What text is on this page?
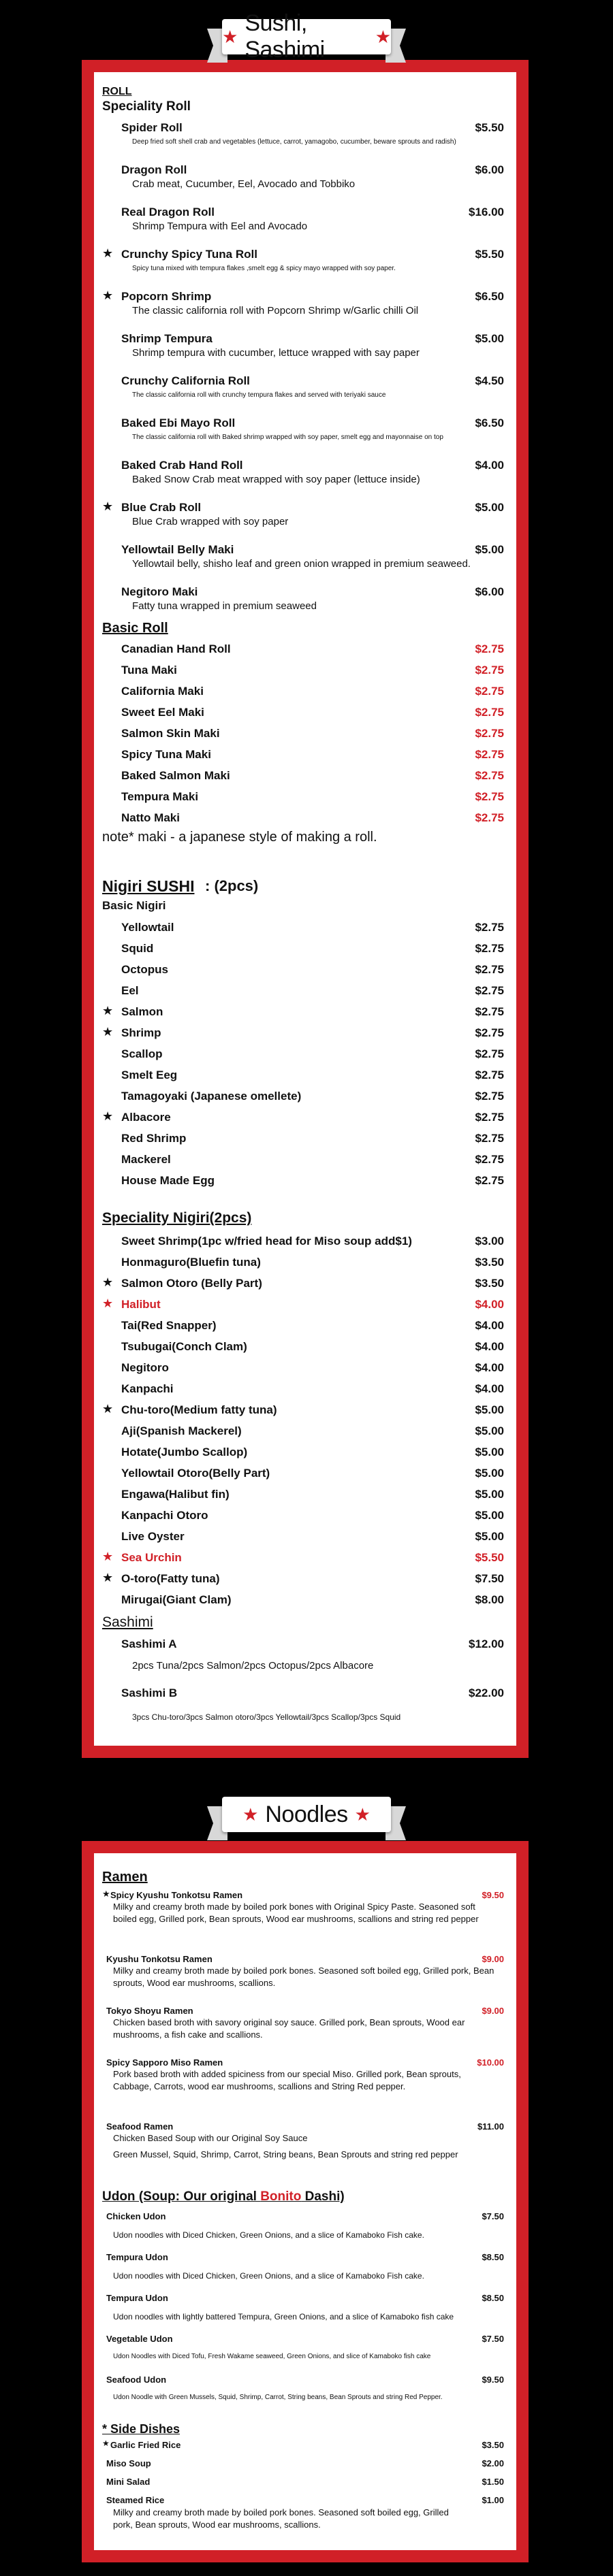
★
Sushi, Sashimi
★
ROLL
Speciality Roll
Spider Roll	$5.50
Deep fried soft shell crab and vegetables (lettuce, carrot, yamagobo, cucumber, beware sprouts and radish)
Dragon Roll	$6.00
Crab meat, Cucumber, Eel, Avocado and Tobbiko
Real Dragon Roll	$16.00
Shrimp Tempura with Eel and Avocado
★ Crunchy Spicy Tuna Roll	$5.50
Spicy tuna mixed with tempura flakes ,smelt egg & spicy mayo wrapped with soy paper.
★ Popcorn Shrimp	$6.50
The classic california roll with Popcorn Shrimp w/Garlic chilli Oil
Shrimp Tempura	$5.00
Shrimp tempura with cucumber, lettuce wrapped with say paper
Crunchy California Roll	$4.50
The classic california roll with crunchy tempura flakes and served with teriyaki sauce
Baked Ebi Mayo Roll	$6.50
The classic california roll with Baked shrimp wrapped with soy paper, smelt egg and mayonnaise on top
Baked Crab Hand Roll	$4.00
Baked Snow Crab meat wrapped with soy paper (lettuce inside)
★ Blue Crab Roll	$5.00
Blue Crab wrapped with soy paper
Yellowtail Belly Maki	$5.00
Yellowtail belly, shisho leaf and green onion wrapped in premium seaweed.
Negitoro Maki	$6.00
Fatty tuna wrapped in premium seaweed
Basic Roll
Canadian Hand Roll	$2.75
Tuna Maki	$2.75
California Maki	$2.75
Sweet Eel Maki	$2.75
Salmon Skin Maki	$2.75
Spicy Tuna Maki	$2.75
Baked Salmon Maki	$2.75
Tempura Maki	$2.75
Natto Maki	$2.75
note* maki - a japanese style of making a roll.
Nigiri SUSHI : (2pcs)
Basic Nigiri
Yellowtail	$2.75
Squid	$2.75
Octopus	$2.75
Eel	$2.75
★ Salmon	$2.75
★ Shrimp	$2.75
Scallop	$2.75
Smelt Eeg	$2.75
Tamagoyaki (Japanese omellete)	$2.75
★ Albacore	$2.75
Red Shrimp	$2.75
Mackerel	$2.75
House Made Egg	$2.75
Speciality Nigiri(2pcs)
Sweet Shrimp(1pc w/fried head for Miso soup add$1)	$3.00
Honmaguro(Bluefin tuna)	$3.50
★ Salmon Otoro (Belly Part)	$3.50
★ Halibut	$4.00
Tai(Red Snapper)	$4.00
Tsubugai(Conch Clam)	$4.00
Negitoro	$4.00
Kanpachi	$4.00
★ Chu-toro(Medium fatty tuna)	$5.00
Aji(Spanish Mackerel)	$5.00
Hotate(Jumbo Scallop)	$5.00
Yellowtail Otoro(Belly Part)	$5.00
Engawa(Halibut fin)	$5.00
Kanpachi Otoro	$5.00
Live Oyster	$5.00
★ Sea Urchin	$5.50
★ O-toro(Fatty tuna)	$7.50
Mirugai(Giant Clam)	$8.00
Sashimi
Sashimi A	$12.00
2pcs Tuna/2pcs Salmon/2pcs Octopus/2pcs Albacore
Sashimi B	$22.00
3pcs Chu-toro/3pcs Salmon otoro/3pcs Yellowtail/3pcs Scallop/3pcs Squid
★ Noodles ★
Ramen
★ Spicy Kyushu Tonkotsu Ramen	$9.50
Milky and creamy broth made by boiled pork bones with Original Spicy Paste. Seasoned soft boiled egg, Grilled pork, Bean sprouts, Wood ear mushrooms, scallions and string red pepper
Kyushu Tonkotsu Ramen	$9.00
Milky and creamy broth made by boiled pork bones. Seasoned soft boiled egg, Grilled pork, Bean sprouts, Wood ear mushrooms, scallions.
Tokyo Shoyu Ramen	$9.00
Chicken based broth with savory original soy sauce. Grilled pork, Bean sprouts, Wood ear mushrooms, a fish cake and scallions.
Spicy Sapporo Miso Ramen	$10.00
Pork based broth with added spiciness from our special Miso. Grilled pork, Bean sprouts, Cabbage, Carrots, wood ear mushrooms, scallions and String Red pepper.
Seafood Ramen	$11.00
Chicken Based Soup with our Original Soy Sauce
Green Mussel, Squid, Shrimp, Carrot, String beans, Bean Sprouts and string red pepper
Udon (Soup: Our original Bonito Dashi)
Chicken Udon	$7.50
Udon noodles with Diced Chicken, Green Onions, and a slice of Kamaboko Fish cake.
Tempura Udon	$8.50
Udon noodles with Diced Chicken, Green Onions, and a slice of Kamaboko Fish cake.
Tempura Udon	$8.50
Udon noodles with lightly battered Tempura, Green Onions, and a slice of Kamaboko fish cake
Vegetable Udon	$7.50
Udon Noodles with Diced Tofu, Fresh Wakame seaweed, Green Onions, and slice of Kamaboko fish cake
Seafood Udon	$9.50
Udon Noodle with Green Mussels, Squid, Shrimp, Carrot, String beans, Bean Sprouts and string Red Pepper.
* Side Dishes
★ Garlic Fried Rice	$3.50
Miso Soup	$2.00
Mini Salad	$1.50
Steamed Rice	$1.00
Milky and creamy broth made by boiled pork bones. Seasoned soft boiled egg, Grilled pork, Bean sprouts, Wood ear mushrooms, scallions.
